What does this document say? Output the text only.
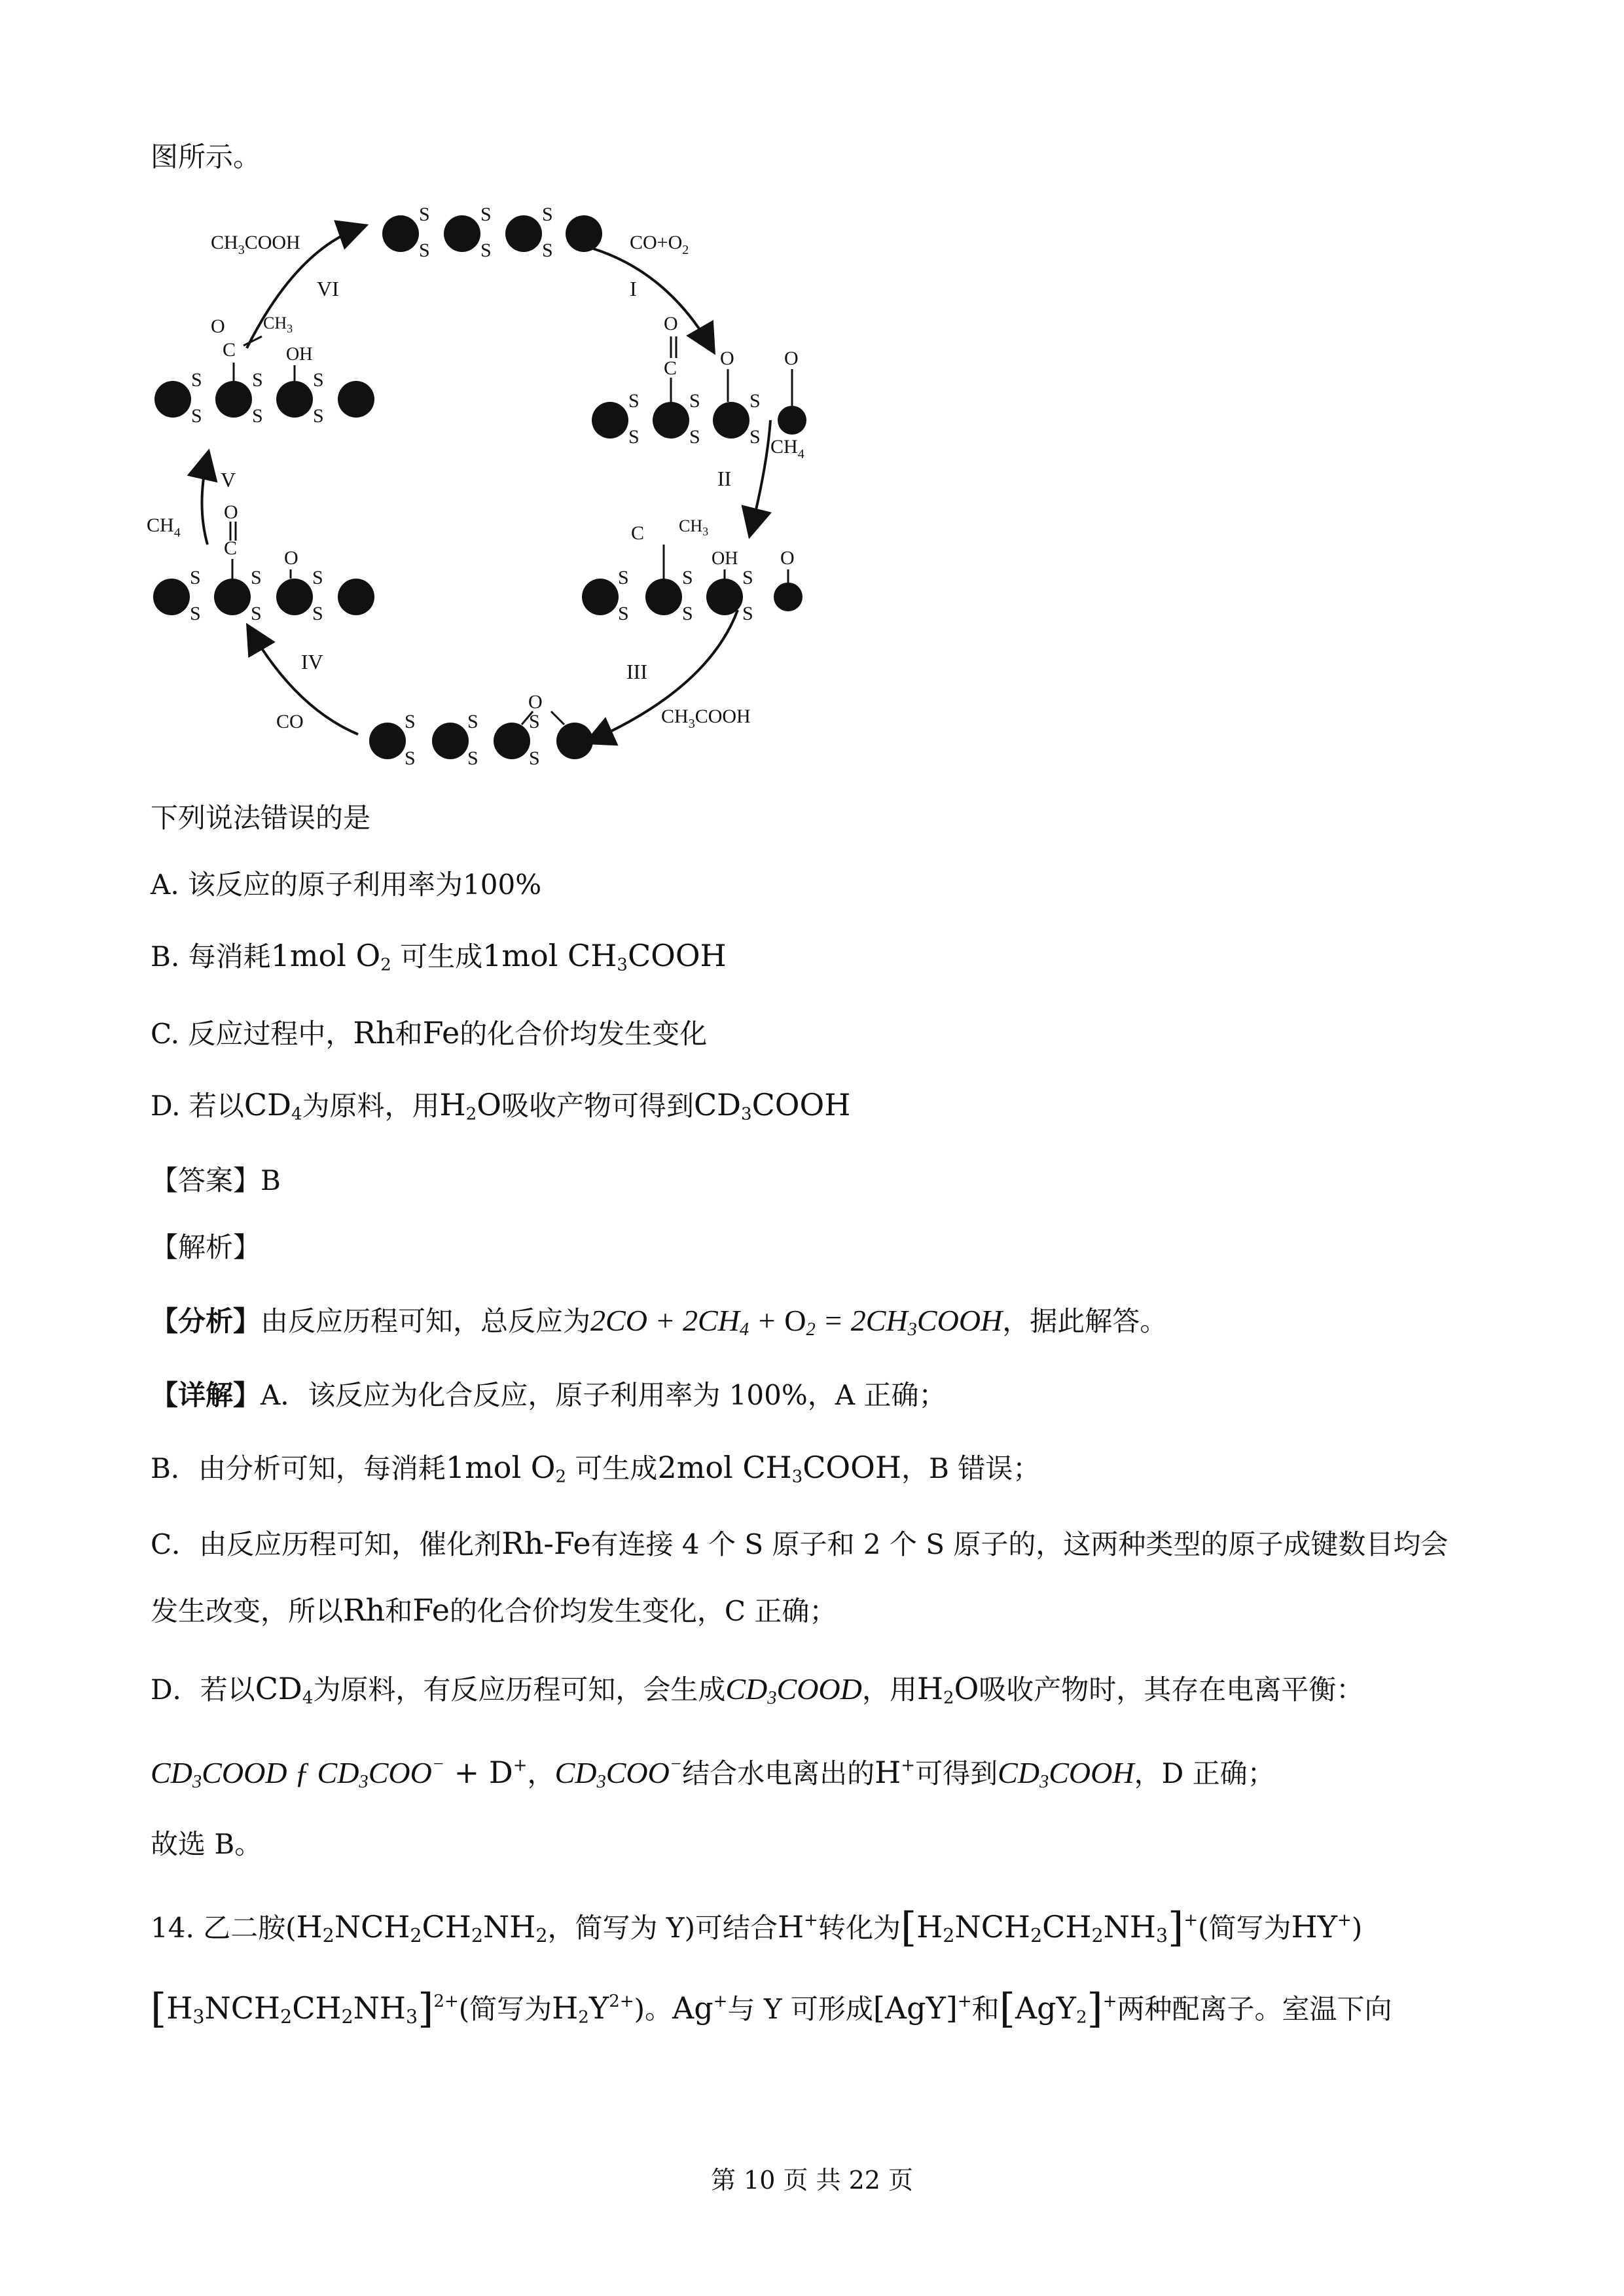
图所示。
S
S
S
S
S
S
S
S
S
S
S
S
C
O
O	O
S
S
S
S
S
S
OH O
C
S
S
S
S
S
S
O
S
S
S
S
S
S
C
O
O
S
S
S
S
S
S
OH
O
C
I
II
III
IV
V
VI
$CH_3COOH$	$CO+O_2$
$CH_4$
$CH_3COOH$
CO
$CH_4$
$CH_3$
$CH_3$
下列说法错误的是
A. 该反应的原子利用率为100%
B. 每消耗1mol $O_2$ 可生成1mol $CH_3COOH$
C. 反应过程中，Rh和Fe的化合价均发生变化
D. 若以$CD_4$为原料，用$H_2O$吸收产物可得到$CD_3COOH$
【答案】B
【解析】
【分析】由反应历程可知，总反应为$2CO + 2CH_4 + O_2$ = $2CH_3COOH$，据此解答。
【详解】A．该反应为化合反应，原子利用率为 100%，A 正确；
B．由分析可知，每消耗1mol $O_2$ 可生成2mol $CH_3COOH$，B 错误；
C．由反应历程可知，催化剂Rh-Fe有连接 4 个 S 原子和 2 个 S 原子的，这两种类型的原子成键数目均会
发生改变，所以Rh和Fe的化合价均发生变化，C 正确；
D．若以$CD_4$为原料，有反应历程可知，会生成$CD_3COOD$，用$H_2O$吸收产物时，其存在电离平衡：
$CD_3COOD$ ƒ $CD_3COO^- + D^+$，$CD_3COO^-$结合水电离出的H+可得到$CD_3COOH$，D 正确；
故选 B。
14. 乙二胺($H_2NCH_2CH_2NH_2$，简写为 Y)可结合H+转化为$[H_2NCH_2CH_2NH_3]^+$(简写为HY+)
$[H_3NCH_2CH_2NH_3]^{2+}$(简写为$H_2Y^{2+}$)。Ag+与 Y 可形成[AgY]+和[AgY$_2$]+两种配离子。室温下向
第 10 页 共 22 页
